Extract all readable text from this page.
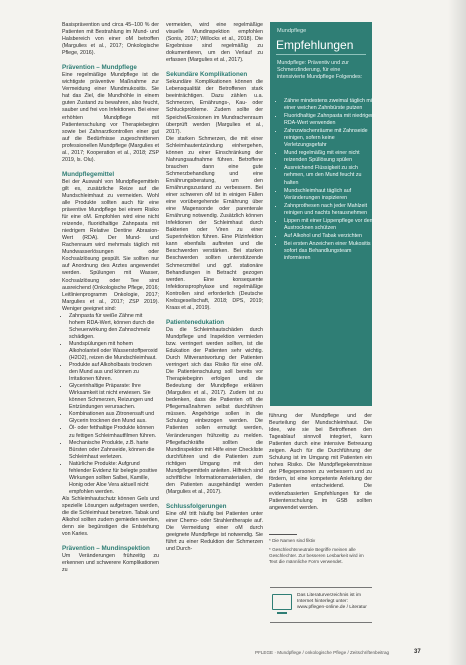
Basisprävention und circa 45–100 % der Patienten mit Bestrahlung im Mund- und Halsbereich von einer oM betroffen (Margulies et al., 2017; Onkologische Pflege, 2016).

Prävention – Mundpflege

Eine regelmäßige Mundpflege ist die wichtigste präventive Maßnahme zur Vermeidung einer Mundmukositis. Sie hat das Ziel, die Mundhöhle in einem guten Zustand zu bewahren, also feucht, sauber und frei von Infektionen. Bei einer erhöhten Mundpflege mit Patientenschulung vor Therapiebeginn sowie bei Zahnarztkontrollen einer gut auf die Bedürfnisse zugeschnittenen professionellen Mundpflege (Margulies et al., 2017; Kooperation et al., 2018; ZSP 2019, ls. Olu).

Mundpflegemittel

Bei der Auswahl von Mundpflegemitteln gilt es, zusätzliche Reize auf die Mundschleimhaut zu vermeiden. Wohl alle Produkte sollten auch für eine präventive Mundpflege bei einem Risiko für eine oM. Empfohlen wird eine nicht reizende, fluoridhaltige Zahnpasta mit niedrigem Relative Dentine Abrasion-Wert (RDA). Der Mund- und Rachenraum wird mehrmals täglich mit Mundwasserlösungen oder Kochsalzlösung gespült. Sie sollten nur auf Anordnung des Arztes angewendet werden. Spülungen mit Wasser, Kochsalzlösung oder Tee sind ausreichend (Onkologische Pflege, 2016; Leitlinienprogramm Onkologie, 2017; Margulies et al., 2017; ZSP 2019). Weniger geeignet sind:

• Zahnpasta für weiße Zähne mit hohem RDA-Wert, können durch die Scheuerwirkung den Zahnschmelz schädigen.
• Mundspülungen mit hohem Alkoholanteil oder Wasserstoffperoxid (H2O2), reizen die Mundschleimhaut.
• Produkte auf Alkoholbasis trocknen den Mund aus und können zu Irritationen führen.
• Glycerinhaltige Präparate: Ihre Wirksamkeit ist nicht erwiesen. Sie können Schmerzen, Reizungen und Entzündungen verursachen.
• Kombinationen aus Zitronensaft und Glycerin trocknen den Mund aus.
• Öl- oder fetthaltige Produkte können zu fettigen Schleimhautfilmen führen.
• Mechanische Produkte, z.B. harte Bürsten oder Zahnseide, können die Schleimhaut verletzen.
• Natürliche Produkte: Aufgrund fehlender Evidenz für belegte positive Wirkungen sollten Salbei, Kamille, Honig oder Aloe Vera aktuell nicht empfohlen werden.

Als Schleimhautschutz können Gels und spezielle Lösungen aufgetragen werden, die die Schleimhaut benetzen. Tabak und Alkohol sollten zudem gemieden werden, denn sie begünstigen die Entstehung von Karies.

Prävention – Mundinspektion

Um Veränderungen frühzeitig zu erkennen und schwerere Komplikationen zu

vermeiden, wird eine regelmäßige visuelle Mundinspektion empfohlen (Sonis, 2017; Willocks et al., 2018). Die Ergebnisse sind regelmäßig zu dokumentieren, um den Verlauf zu erfassen (Margulies et al., 2017).

Sekundäre Komplikationen

Sekundäre Komplikationen können die Lebensqualität der Betroffenen stark beeinträchtigen. Dazu zählen u.a. Schmerzen, Ernährungs-, Kau- oder Schluckprobleme. Zudem sollte der Speichel/Erosionen im Mundrachenraum überprüft werden (Margulies et al., 2017).

Die starken Schmerzen, die mit einer Schleimhautentzündung einhergehen, können zu einer Einschränkung der Nahrungsaufnahme führen. Betroffene brauchen dann eine gute Schmerzbehandlung und eine Ernährungsberatung, um den Ernährungszustand zu verbessern. Bei einer schweren oM ist in einigen Fällen eine vorübergehende Ernährung über eine Magensonde oder parenterale Ernährung notwendig. Zusätzlich können Infektionen der Schleimhaut durch Bakterien oder Viren zu einer Superinfektion führen. Eine Pilzinfektion kann ebenfalls auftreten und die Beschwerden verstärken. Bei starken Beschwerden sollten unterstützende Schmerzmittel und ggf. stationäre Behandlungen in Betracht gezogen werden. Eine konsequente Infektionsprophylaxe und regelmäßige Kontrollen sind erforderlich (Deutsche Krebsgesellschaft, 2018; DPS, 2019; Kraas et al., 2019).

Patientenedukation

Da die Schleimhautschäden durch Mundpflege und Inspektion vermieden bzw. verringert werden sollten, ist die Edukation der Patienten sehr wichtig. Durch Mitverantwortung der Patienten verringert sich das Risiko für eine oM. Die Patientenschulung soll bereits vor Therapiebeginn erfolgen und die Bedeutung der Mundpflege erklären (Margulies et al., 2017). Zudem ist zu bedenken, dass die Patienten oft die Pflegemaßnahmen selbst durchführen müssen. Angehörige sollen in die Schulung einbezogen werden. Die Patienten sollen ermutigt werden, Veränderungen frühzeitig zu melden. Pflegefachkräfte sollten die Mundinspektion mit Hilfe einer Checkliste durchführen und die Patienten zum richtigen Umgang mit den Mundpflegemitteln anleiten. Hilfreich sind schriftliche Informationsmaterialien, die den Patienten ausgehändigt werden (Margulies et al., 2017).

Schlussfolgerungen

Eine oM tritt häufig bei Patienten unter einer Chemo- oder Strahlentherapie auf. Die Vermeidung einer oM durch geeignete Mundpflege ist notwendig. Sie führt zu einer Reduktion der Schmerzen und Durch-

Mundpflege
Empfehlungen
Mundpflege: Präventiv und zur Schmerzlinderung, für eine intensivierte Mundpflege Folgendes:
• Zähne mindestens zweimal täglich mit einer weichen Zahnbürste putzen
• Fluoridhaltige Zahnpasta mit niedrigem RDA-Wert verwenden
• Zahnzwischenräume mit Zahnseide reinigen, sofern keine Verletzungsgefahr
• Mund regelmäßig mit einer nicht reizenden Spüllösung spülen
• Ausreichend Flüssigkeit zu sich nehmen, um den Mund feucht zu halten
• Mundschleimhaut täglich auf Veränderungen inspizieren
• Zahnprothesen nach jeder Mahlzeit reinigen und nachts herausnehmen
• Lippen mit einer Lippenpflege vor dem Austrocknen schützen
• Auf Alkohol und Tabak verzichten
• Bei ersten Anzeichen einer Mukositis sofort das Behandlungsteam informieren

führung der Mundpflege und der Beurteilung der Mundschleimhaut. Die Idee, wie sie bei Betroffenen den Tageablauf sinnvoll integriert, kann Patienten durch eine intensive Betreuung zeigen. Auch für die Durchführung der Schulung ist im Umgang mit Patienten ein hohes Risiko. Die Mundpflegekenntnisse der Pflegepersonen zu verbessern und zu fördern, ist eine kompetente Anleitung der Patienten entscheidend. Die evidenzbasierten Empfehlungen für die Patientenschulung im GSB sollten angewendet werden.

* Die Namen sind fiktiv
* Geschlechtsneutrale Begriffe meinen alle Geschlechter. Zur besseren Lesbarkeit wird im Text die männliche Form verwendet.
Das Literaturverzeichnis ist im Internet hinterlegt unter: www.pflegen-online.de / Literatur
PFLEGE · Mundpflege / onkologische Pflege / Zeitschriftenbeitrag	37
